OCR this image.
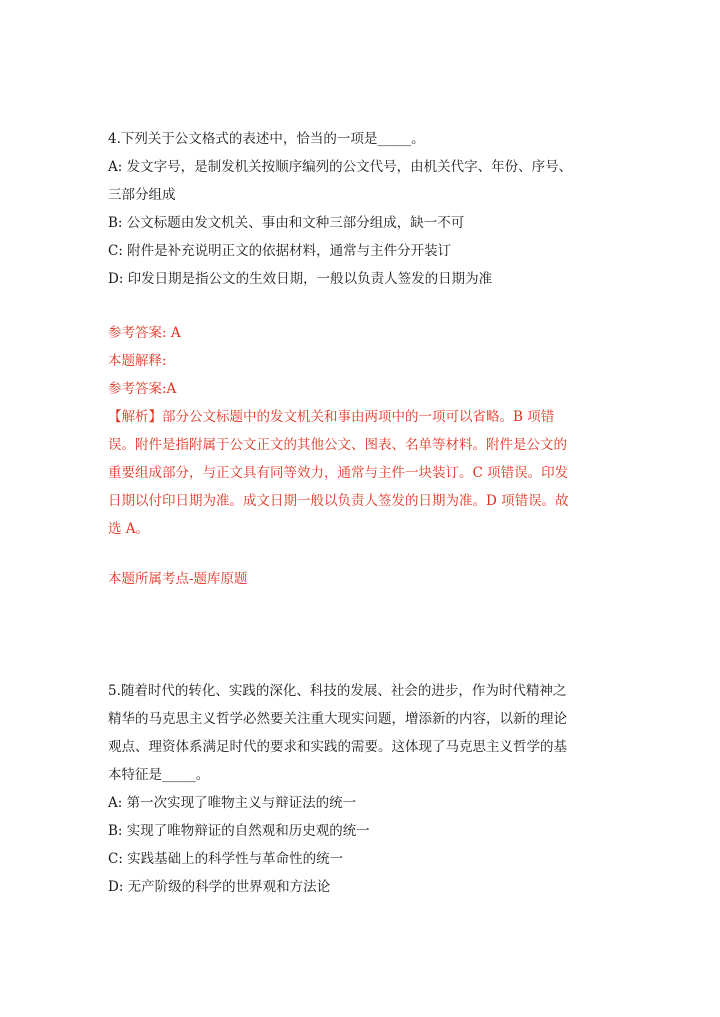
4.下列关于公文格式的表述中，恰当的一项是_____。
A: 发文字号，是制发机关按顺序编列的公文代号，由机关代字、年份、序号、
三部分组成
B: 公文标题由发文机关、事由和文种三部分组成，缺一不可
C: 附件是补充说明正文的依据材料，通常与主件分开装订
D: 印发日期是指公文的生效日期，一般以负责人签发的日期为准
参考答案: A
本题解释:
参考答案:A
【解析】部分公文标题中的发文机关和事由两项中的一项可以省略。B 项错
误。附件是指附属于公文正文的其他公文、图表、名单等材料。附件是公文的
重要组成部分，与正文具有同等效力，通常与主件一块装订。C 项错误。印发
日期以付印日期为准。成文日期一般以负责人签发的日期为准。D 项错误。故
选 A。
本题所属考点-题库原题
5.随着时代的转化、实践的深化、科技的发展、社会的进步，作为时代精神之
精华的马克思主义哲学必然要关注重大现实问题，增添新的内容，以新的理论
观点、理资体系满足时代的要求和实践的需要。这体现了马克思主义哲学的基
本特征是_____。
A: 第一次实现了唯物主义与辩证法的统一
B: 实现了唯物辩证的自然观和历史观的统一
C: 实践基础上的科学性与革命性的统一
D: 无产阶级的科学的世界观和方法论
